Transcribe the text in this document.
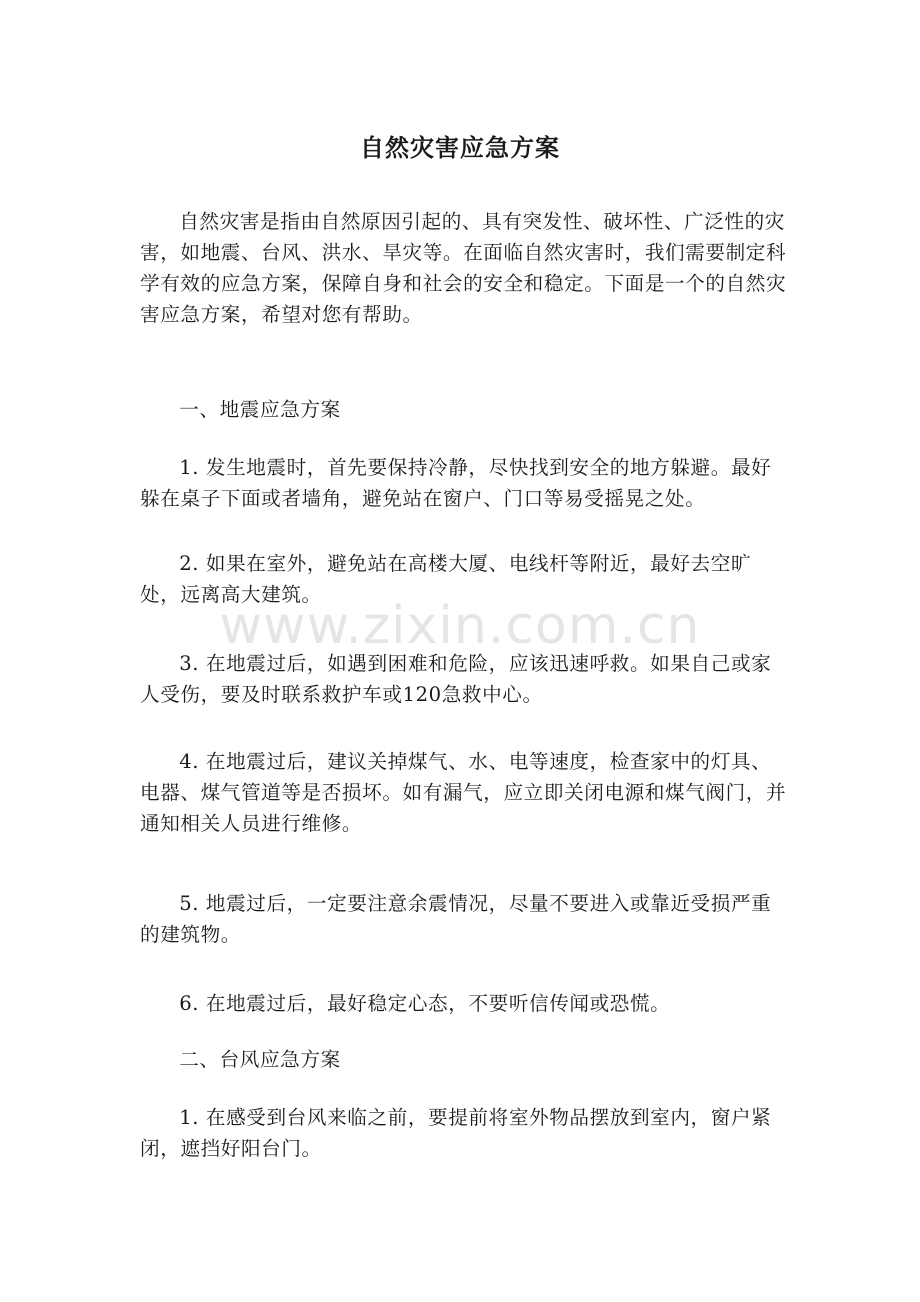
自然灾害应急方案

自然灾害是指由自然原因引起的、具有突发性、破坏性、广泛性的灾害，如地震、台风、洪水、旱灾等。在面临自然灾害时，我们需要制定科学有效的应急方案，保障自身和社会的安全和稳定。下面是一个的自然灾害应急方案，希望对您有帮助。

一、地震应急方案

1. 发生地震时，首先要保持冷静，尽快找到安全的地方躲避。最好躲在桌子下面或者墙角，避免站在窗户、门口等易受摇晃之处。

2. 如果在室外，避免站在高楼大厦、电线杆等附近，最好去空旷处，远离高大建筑。

3. 在地震过后，如遇到困难和危险，应该迅速呼救。如果自己或家人受伤，要及时联系救护车或120急救中心。

4. 在地震过后，建议关掉煤气、水、电等速度，检查家中的灯具、电器、煤气管道等是否损坏。如有漏气，应立即关闭电源和煤气阀门，并通知相关人员进行维修。

5. 地震过后，一定要注意余震情况，尽量不要进入或靠近受损严重的建筑物。

6. 在地震过后，最好稳定心态，不要听信传闻或恐慌。

二、台风应急方案

1. 在感受到台风来临之前，要提前将室外物品摆放到室内，窗户紧闭，遮挡好阳台门。

www.zixin.com.cn
